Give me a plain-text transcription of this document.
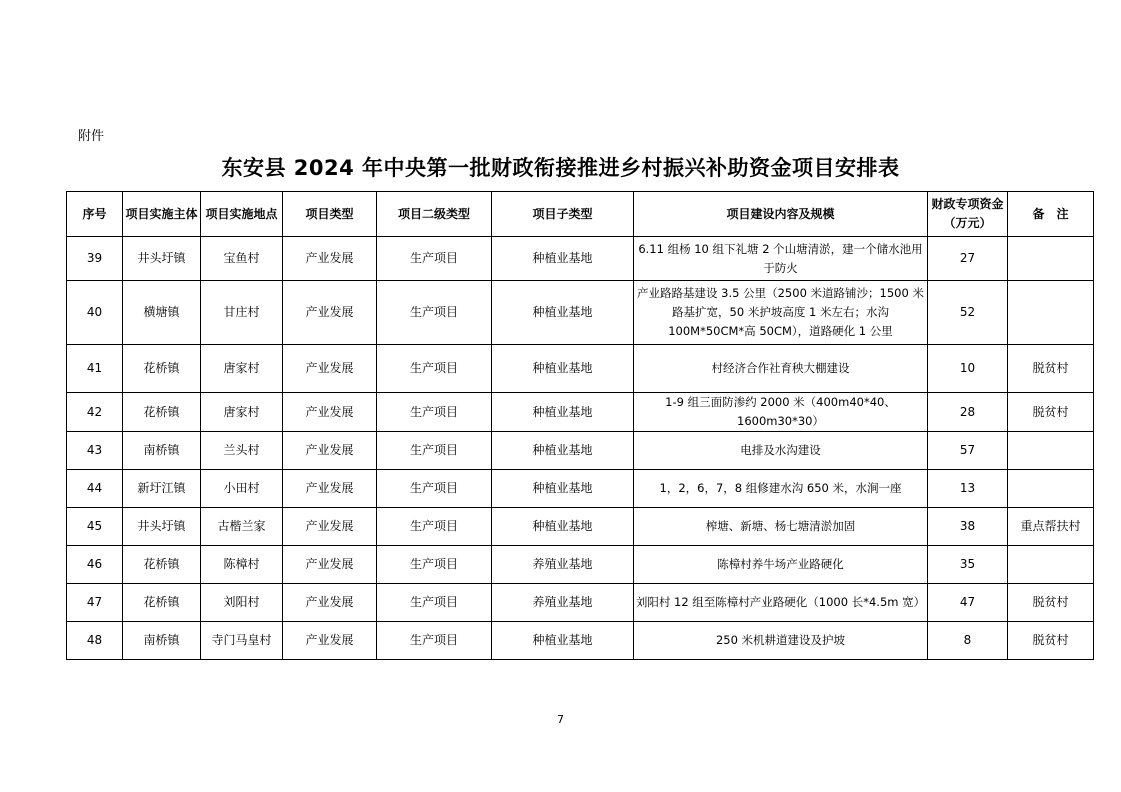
附件
东安县 2024 年中央第一批财政衔接推进乡村振兴补助资金项目安排表
序号	项目实施主体	项目实施地点	项目类型	项目二级类型	项目子类型	项目建设内容及规模	财政专项资金（万元）	备　注
39	井头圩镇	宝鱼村	产业发展	生产项目	种植业基地	6.11 组杨 10 组下礼塘 2 个山塘清淤，建一个储水池用于防火	27	
40	横塘镇	甘庄村	产业发展	生产项目	种植业基地	产业路路基建设 3.5 公里（2500 米道路铺沙；1500 米路基扩宽，50 米护坡高度 1 米左右；水沟 100M*50CM*高 50CM），道路硬化 1 公里	52	
41	花桥镇	唐家村	产业发展	生产项目	种植业基地	村经济合作社育秧大棚建设	10	脱贫村
42	花桥镇	唐家村	产业发展	生产项目	种植业基地	1-9 组三面防渗约 2000 米（400m40*40、1600m30*30）	28	脱贫村
43	南桥镇	兰头村	产业发展	生产项目	种植业基地	电排及水沟建设	57	
44	新圩江镇	小田村	产业发展	生产项目	种植业基地	1，2，6，7，8 组修建水沟 650 米，水涧一座	13	
45	井头圩镇	古楷兰家	产业发展	生产项目	种植业基地	榨塘、新塘、杨七塘清淤加固	38	重点帮扶村
46	花桥镇	陈樟村	产业发展	生产项目	养殖业基地	陈樟村养牛场产业路硬化	35	
47	花桥镇	刘阳村	产业发展	生产项目	养殖业基地	刘阳村 12 组至陈樟村产业路硬化（1000 长*4.5m 宽）	47	脱贫村
48	南桥镇	寺门马皇村	产业发展	生产项目	种植业基地	250 米机耕道建设及护坡	8	脱贫村
7
